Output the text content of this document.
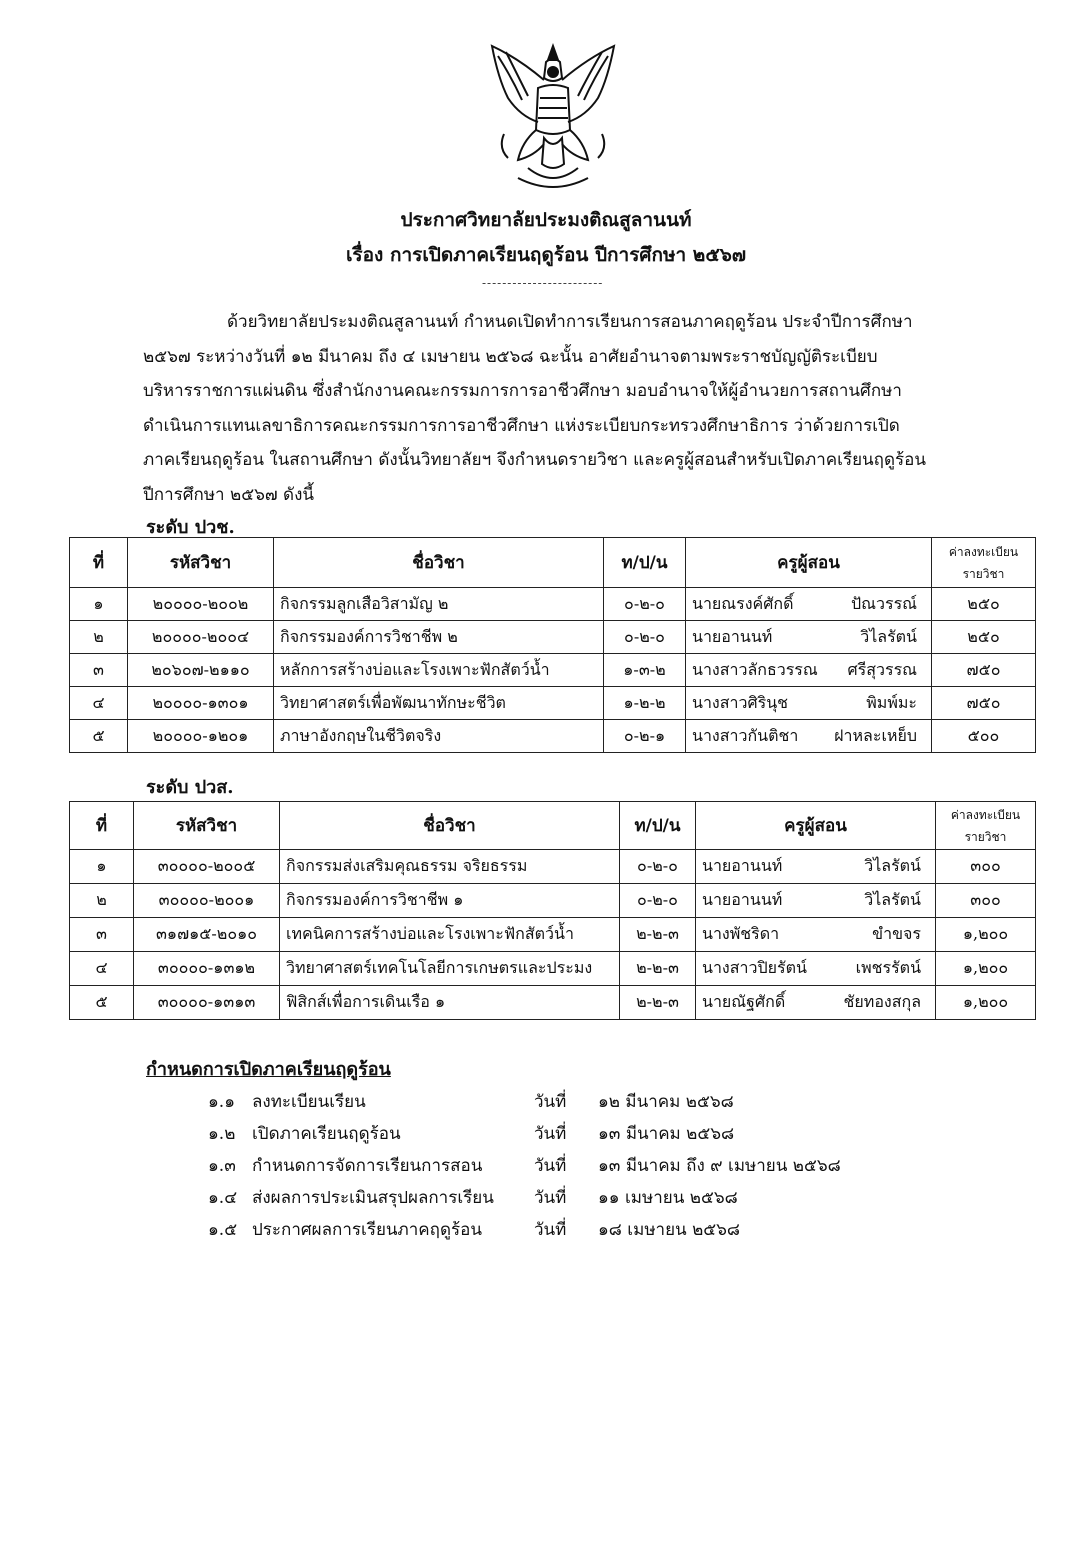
ประกาศวิทยาลัยประมงติณสูลานนท์
เรื่อง การเปิดภาคเรียนฤดูร้อน ปีการศึกษา ๒๕๖๗
------------------------
ด้วยวิทยาลัยประมงติณสูลานนท์ กำหนดเปิดทำการเรียนการสอนภาคฤดูร้อน ประจำปีการศึกษา
๒๕๖๗ ระหว่างวันที่ ๑๒ มีนาคม ถึง ๔ เมษายน ๒๕๖๘ ฉะนั้น อาศัยอำนาจตามพระราชบัญญัติระเบียบ
บริหารราชการแผ่นดิน ซึ่งสำนักงานคณะกรรมการการอาชีวศึกษา มอบอำนาจให้ผู้อำนวยการสถานศึกษา
ดำเนินการแทนเลขาธิการคณะกรรมการการอาชีวศึกษา แห่งระเบียบกระทรวงศึกษาธิการ ว่าด้วยการเปิด
ภาคเรียนฤดูร้อน ในสถานศึกษา ดังนั้นวิทยาลัยฯ จึงกำหนดรายวิชา และครูผู้สอนสำหรับเปิดภาคเรียนฤดูร้อน
ปีการศึกษา ๒๕๖๗ ดังนี้
ระดับ ปวช.
ที่	รหัสวิชา	ชื่อวิชา	ท/ป/น	ครูผู้สอน	ค่าลงทะเบียน
รายวิชา
๑	๒๐๐๐๐-๒๐๐๒	กิจกรรมลูกเสือวิสามัญ ๒	๐-๒-๐	นายณรงค์ศักดิ์ ปัณวรรณ์	๒๕๐
๒	๒๐๐๐๐-๒๐๐๔	กิจกรรมองค์การวิชาชีพ ๒	๐-๒-๐	นายอานนท์ วิไลรัตน์	๒๕๐
๓	๒๐๖๐๗-๒๑๑๐	หลักการสร้างบ่อและโรงเพาะฟักสัตว์น้ำ	๑-๓-๒	นางสาวลักธวรรณ ศรีสุวรรณ	๗๕๐
๔	๒๐๐๐๐-๑๓๐๑	วิทยาศาสตร์เพื่อพัฒนาทักษะชีวิต	๑-๒-๒	นางสาวศิรินุช พิมพ์มะ	๗๕๐
๕	๒๐๐๐๐-๑๒๐๑	ภาษาอังกฤษในชีวิตจริง	๐-๒-๑	นางสาวกันติชา ฝาหละเหย็บ	๕๐๐
ระดับ ปวส.
ที่	รหัสวิชา	ชื่อวิชา	ท/ป/น	ครูผู้สอน	ค่าลงทะเบียน
รายวิชา
๑	๓๐๐๐๐-๒๐๐๕	กิจกรรมส่งเสริมคุณธรรม จริยธรรม	๐-๒-๐	นายอานนท์ วิไลรัตน์	๓๐๐
๒	๓๐๐๐๐-๒๐๐๑	กิจกรรมองค์การวิชาชีพ ๑	๐-๒-๐	นายอานนท์ วิไลรัตน์	๓๐๐
๓	๓๑๗๑๕-๒๐๑๐	เทคนิคการสร้างบ่อและโรงเพาะฟักสัตว์น้ำ	๒-๒-๓	นางพัชริดา ขำขจร	๑,๒๐๐
๔	๓๐๐๐๐-๑๓๑๒	วิทยาศาสตร์เทคโนโลยีการเกษตรและประมง	๒-๒-๓	นางสาวปิยรัตน์ เพชรรัตน์	๑,๒๐๐
๕	๓๐๐๐๐-๑๓๑๓	ฟิสิกส์เพื่อการเดินเรือ ๑	๒-๒-๓	นายณัฐศักดิ์ ชัยทองสกุล	๑,๒๐๐
กำหนดการเปิดภาคเรียนฤดูร้อน
๑.๑ ลงทะเบียนเรียน	วันที่ ๑๒ มีนาคม ๒๕๖๘
๑.๒ เปิดภาคเรียนฤดูร้อน	วันที่ ๑๓ มีนาคม ๒๕๖๘
๑.๓ กำหนดการจัดการเรียนการสอน	วันที่ ๑๓ มีนาคม ถึง ๙ เมษายน ๒๕๖๘
๑.๔ ส่งผลการประเมินสรุปผลการเรียน วันที่ ๑๑ เมษายน ๒๕๖๘
๑.๕ ประกาศผลการเรียนภาคฤดูร้อน	วันที่ ๑๘ เมษายน ๒๕๖๘
